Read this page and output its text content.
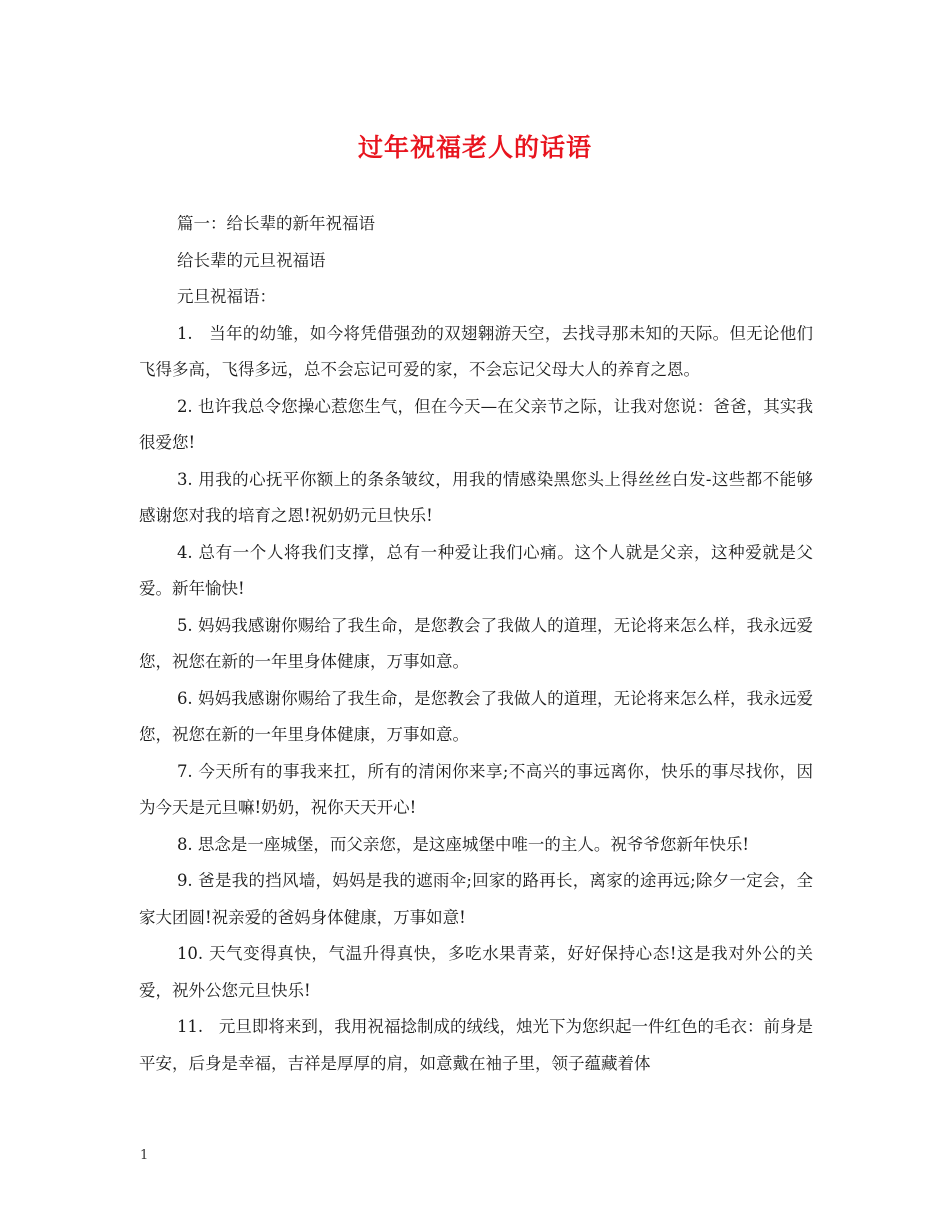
过年祝福老人的话语

篇一：给长辈的新年祝福语

给长辈的元旦祝福语

元旦祝福语：

1.   当年的幼雏，如今将凭借强劲的双翅翱游天空，去找寻那未知的天际。但无论他们飞得多高，飞得多远，总不会忘记可爱的家，不会忘记父母大人的养育之恩。

2. 也许我总令您操心惹您生气，但在今天—在父亲节之际，让我对您说：爸爸，其实我很爱您!

3. 用我的心抚平你额上的条条皱纹，用我的情感染黑您头上得丝丝白发-这些都不能够感谢您对我的培育之恩!祝奶奶元旦快乐!

4. 总有一个人将我们支撑，总有一种爱让我们心痛。这个人就是父亲，这种爱就是父爱。新年愉快!

5. 妈妈我感谢你赐给了我生命，是您教会了我做人的道理，无论将来怎么样，我永远爱您，祝您在新的一年里身体健康，万事如意。

6. 妈妈我感谢你赐给了我生命，是您教会了我做人的道理，无论将来怎么样，我永远爱您，祝您在新的一年里身体健康，万事如意。

7. 今天所有的事我来扛，所有的清闲你来享;不高兴的事远离你，快乐的事尽找你，因为今天是元旦嘛!奶奶，祝你天天开心!

8. 思念是一座城堡，而父亲您，是这座城堡中唯一的主人。祝爷爷您新年快乐!

9. 爸是我的挡风墙，妈妈是我的遮雨伞;回家的路再长，离家的途再远;除夕一定会，全家大团圆!祝亲爱的爸妈身体健康，万事如意!

10. 天气变得真快，气温升得真快，多吃水果青菜，好好保持心态!这是我对外公的关爱，祝外公您元旦快乐!

11.   元旦即将来到，我用祝福捻制成的绒线，烛光下为您织起一件红色的毛衣：前身是平安，后身是幸福，吉祥是厚厚的肩，如意戴在袖子里，领子蕴藏着体

1
